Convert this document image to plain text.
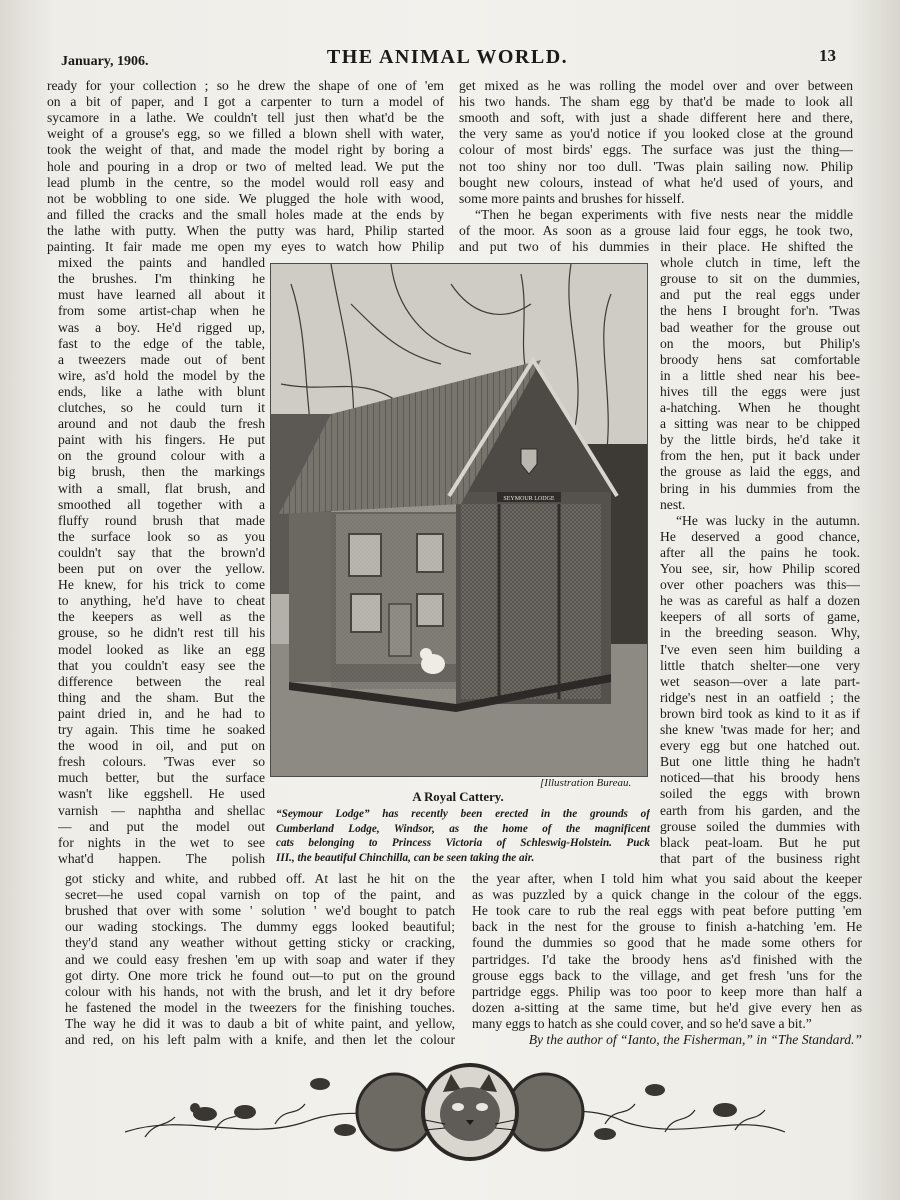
January, 1906.	THE ANIMAL WORLD.	13
ready for your collection ; so he drew the shape of one of 'em
on a bit of paper, and I got a carpenter to turn a model of
sycamore in a lathe. We couldn't tell just then what'd be the
weight of a grouse's egg, so we filled a blown shell with water,
took the weight of that, and made the model right by boring a
hole and pouring in a drop or two of melted lead. We put the
lead plumb in the centre, so the model would roll easy and
not be wobbling to one side. We plugged the hole with wood,
and filled the cracks and the small holes made at the ends by
the lathe with putty. When the putty was hard, Philip started
painting. It fair made me open my eyes to watch how Philip
mixed the paints and handled
the brushes. I'm thinking he
must have learned all about it
from some artist-chap when he
was a boy. He'd rigged up,
fast to the edge of the table,
a tweezers made out of bent
wire, as'd hold the model by the
ends, like a lathe with blunt
clutches, so he could turn it
around and not daub the fresh
paint with his fingers. He put
on the ground colour with a
big brush, then the markings
with a small, flat brush, and
smoothed all together with a
fluffy round brush that made
the surface look so as you
couldn't say that the brown'd
been put on over the yellow.
He knew, for his trick to come
to anything, he'd have to cheat
the keepers as well as the
grouse, so he didn't rest till his
model looked as like an egg
that you couldn't easy see the
difference between the real
thing and the sham. But the
paint dried in, and he had to
try again. This time he soaked
the wood in oil, and put on
fresh colours. 'Twas ever so
much better, but the surface
wasn't like eggshell. He used
varnish — naphtha and shellac
— and put the model out
for nights in the wet to see
what'd happen. The polish
got sticky and white, and rubbed off. At last he hit on the
secret—he used copal varnish on top of the paint, and
brushed that over with some ' solution ' we'd bought to patch
our wading stockings. The dummy eggs looked beautiful;
they'd stand any weather without getting sticky or cracking,
and we could easy freshen 'em up with soap and water if they
got dirty. One more trick he found out—to put on the ground
colour with his hands, not with the brush, and let it dry before
he fastened the model in the tweezers for the finishing touches.
The way he did it was to daub a bit of white paint, and yellow,
and red, on his left palm with a knife, and then let the colour
get mixed as he was rolling the model over and over between
his two hands. The sham egg by that'd be made to look all
smooth and soft, with just a shade different here and there,
the very same as you'd notice if you looked close at the ground
colour of most birds' eggs. The surface was just the thing—
not too shiny nor too dull. 'Twas plain sailing now. Philip
bought new colours, instead of what he'd used of yours, and
some more paints and brushes for hisself.
“Then he began experiments with five nests near the middle
of the moor. As soon as a grouse laid four eggs, he took two,
and put two of his dummies in their place. He shifted the
whole clutch in time, left the
grouse to sit on the dummies,
and put the real eggs under
the hens I brought for'n. 'Twas
bad weather for the grouse out
on the moors, but Philip's
broody hens sat comfortable
in a little shed near his bee-
hives till the eggs were just
a-hatching. When he thought
a sitting was near to be chipped
by the little birds, he'd take it
from the hen, put it back under
the grouse as laid the eggs, and
bring in his dummies from the
nest.
“He was lucky in the autumn.
He deserved a good chance,
after all the pains he took.
You see, sir, how Philip scored
over other poachers was this—
he was as careful as half a dozen
keepers of all sorts of game,
in the breeding season. Why,
I've even seen him building a
little thatch shelter—one very
wet season—over a late part-
ridge's nest in an oatfield ; the
brown bird took as kind to it as if
she knew 'twas made for her; and
every egg but one hatched out.
But one little thing he hadn't
noticed—that his broody hens
soiled the eggs with brown
earth from his garden, and the
grouse soiled the dummies with
black peat-loam. But he put
that part of the business right
the year after, when I told him what you said about the keeper
as was puzzled by a quick change in the colour of the eggs.
He took care to rub the real eggs with peat before putting 'em
back in the nest for the grouse to finish a-hatching 'em. He
found the dummies so good that he made some others for
partridges. I'd take the broody hens as'd finished with the
grouse eggs back to the village, and get fresh 'uns for the
partridge eggs. Philip was too poor to keep more than half a
dozen a-sitting at the same time, but he'd give every hen as
many eggs to hatch as she could cover, and so he'd save a bit.”
By the author of “Ianto, the Fisherman,” in “The Standard.”
SEYMOUR LODGE
[Illustration Bureau.
A Royal Cattery.
“Seymour Lodge” has recently been erected in the grounds of
Cumberland Lodge, Windsor, as the home of the magnificent
cats belonging to Princess Victoria of Schleswig-Holstein. Puck
III., the beautiful Chinchilla, can be seen taking the air.
